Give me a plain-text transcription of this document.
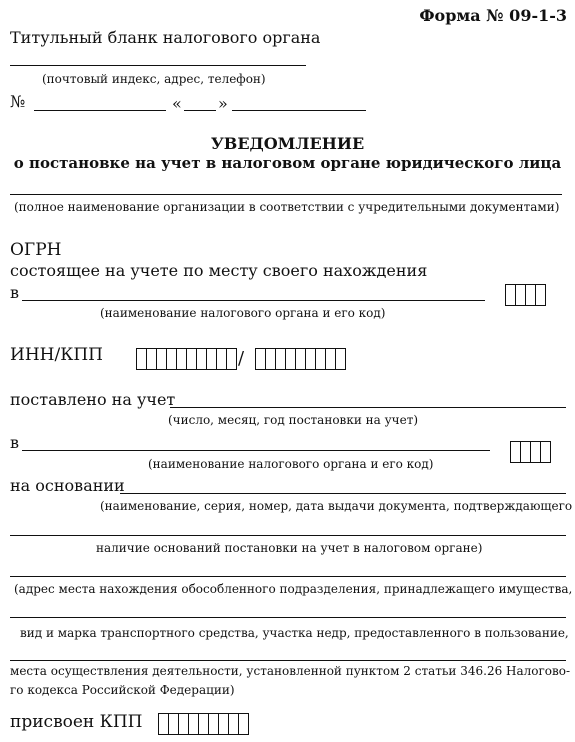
Форма № 09-1-3
Титульный бланк налогового органа
(почтовый индекс, адрес, телефон)
№	« »
УВЕДОМЛЕНИЕ
о постановке на учет в налоговом органе юридического лица
(полное наименование организации в соответствии с учредительными документами)
ОГРН
состоящее на учете по месту своего нахождения
в
(наименование налогового органа и его код)
ИНН/КПП	/
поставлено на учет
(число, месяц, год постановки на учет)
в
(наименование налогового органа и его код)
на основании
(наименование, серия, номер, дата выдачи документа, подтверждающего
наличие оснований постановки на учет в налоговом органе)
(адрес места нахождения обособленного подразделения, принадлежащего имущества,
вид и марка транспортного средства, участка недр, предоставленного в пользование,
места осуществления деятельности, установленной пунктом 2 статьи 346.26 Налогово-
го кодекса Российской Федерации)
присвоен КПП
